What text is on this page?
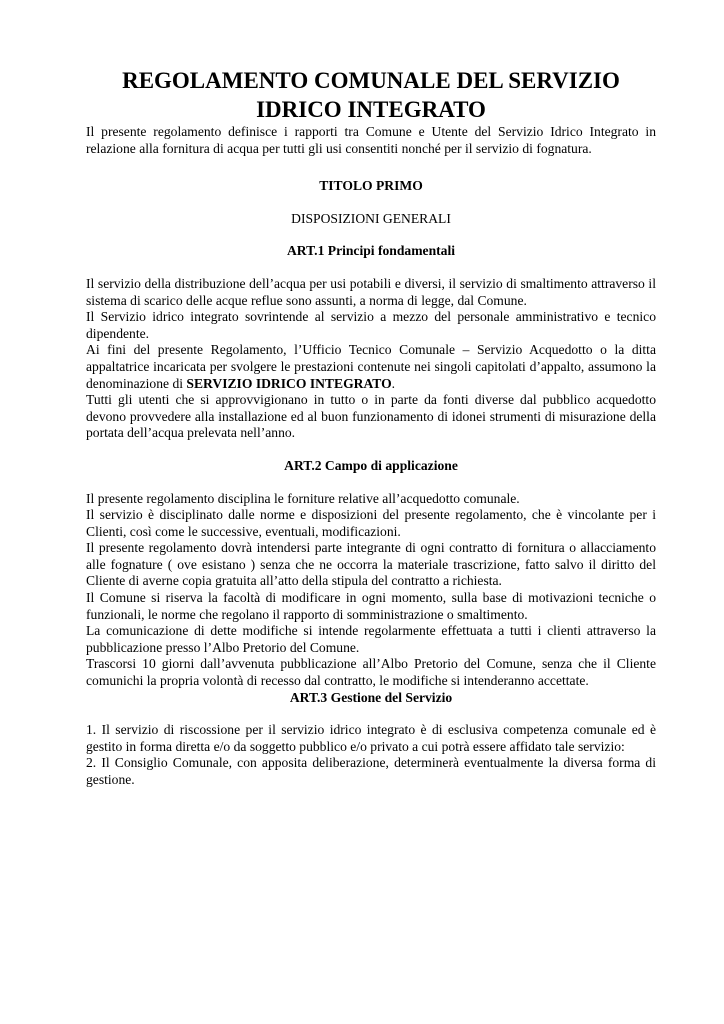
REGOLAMENTO COMUNALE DEL SERVIZIO
IDRICO INTEGRATO

Il presente regolamento definisce i rapporti tra Comune e Utente del Servizio Idrico Integrato in relazione alla fornitura di acqua per tutti gli usi consentiti nonché per il servizio di fognatura.

TITOLO PRIMO

DISPOSIZIONI GENERALI

ART.1 Principi fondamentali

Il servizio della distribuzione dell’acqua per usi potabili e diversi, il servizio di smaltimento attraverso il sistema di scarico delle acque reflue sono assunti, a norma di legge, dal Comune.

Il Servizio idrico integrato sovrintende al servizio a mezzo del personale amministrativo e tecnico dipendente.

Ai fini del presente Regolamento, l’Ufficio Tecnico Comunale – Servizio Acquedotto o la ditta appaltatrice incaricata per svolgere le prestazioni contenute nei singoli capitolati d’appalto, assumono la denominazione di SERVIZIO IDRICO INTEGRATO.

Tutti gli utenti che si approvvigionano in tutto o in parte da fonti diverse dal pubblico acquedotto devono provvedere alla installazione ed al buon funzionamento di idonei strumenti di misurazione della portata dell’acqua prelevata nell’anno.

ART.2 Campo di applicazione

Il presente regolamento disciplina le forniture relative all’acquedotto comunale.

Il servizio è disciplinato dalle norme e disposizioni del presente regolamento, che è vincolante per i Clienti, così come le successive, eventuali, modificazioni.

Il presente regolamento dovrà intendersi parte integrante di ogni contratto di fornitura o allacciamento alle fognature ( ove esistano ) senza che ne occorra la materiale trascrizione, fatto salvo il diritto del Cliente di averne copia gratuita all’atto della stipula del contratto a richiesta.

Il Comune si riserva la facoltà di modificare in ogni momento, sulla base di motivazioni tecniche o funzionali, le norme che regolano il rapporto di somministrazione o smaltimento.

La comunicazione di dette modifiche si intende regolarmente effettuata a tutti i clienti attraverso la pubblicazione presso l’Albo Pretorio del Comune.

Trascorsi 10 giorni dall’avvenuta pubblicazione all’Albo Pretorio del Comune, senza che il Cliente comunichi la propria volontà di recesso dal contratto, le modifiche si intenderanno accettate.

ART.3 Gestione del Servizio

1. Il servizio di riscossione per il servizio idrico integrato è di esclusiva competenza comunale ed è gestito in forma diretta e/o da soggetto pubblico e/o privato a cui potrà essere affidato tale servizio:

2. Il Consiglio Comunale, con apposita deliberazione, determinerà eventualmente la diversa forma di gestione.
